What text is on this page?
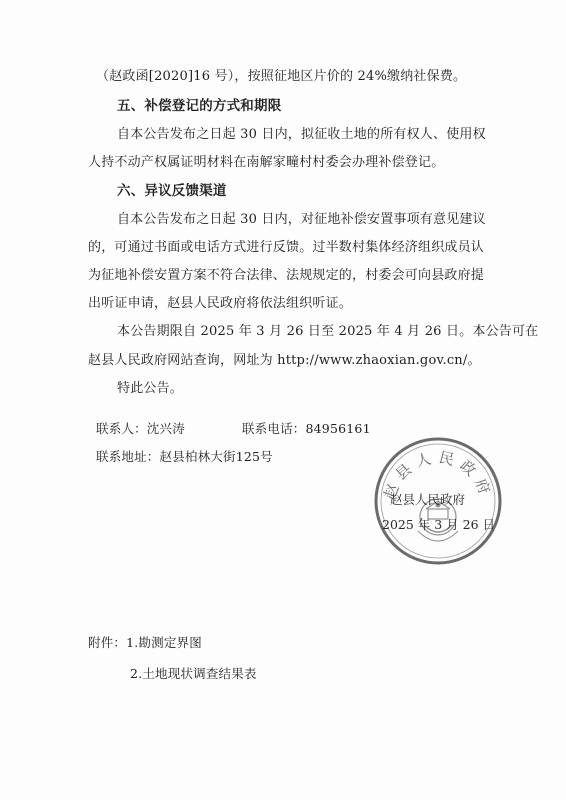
（赵政函[2020]16 号），按照征地区片价的 24%缴纳社保费。
五、补偿登记的方式和期限
自本公告发布之日起 30 日内，拟征收土地的所有权人、使用权
人持不动产权属证明材料在南解家疃村村委会办理补偿登记。
六、异议反馈渠道
自本公告发布之日起 30 日内，对征地补偿安置事项有意见建议
的，可通过书面或电话方式进行反馈。过半数村集体经济组织成员认
为征地补偿安置方案不符合法律、法规规定的，村委会可向县政府提
出听证申请，赵县人民政府将依法组织听证。
本公告期限自 2025 年 3 月 26 日至 2025 年 4 月 26 日。本公告可在
赵县人民政府网站查询，网址为 http://www.zhaoxian.gov.cn/。
特此公告。
联系人：沈兴涛	联系电话：84956161
联系地址：赵县柏林大街125号
赵县人民政府
赵县人民政府
2025 年 3 月 26 日
附件：1.勘测定界图
2.土地现状调查结果表
